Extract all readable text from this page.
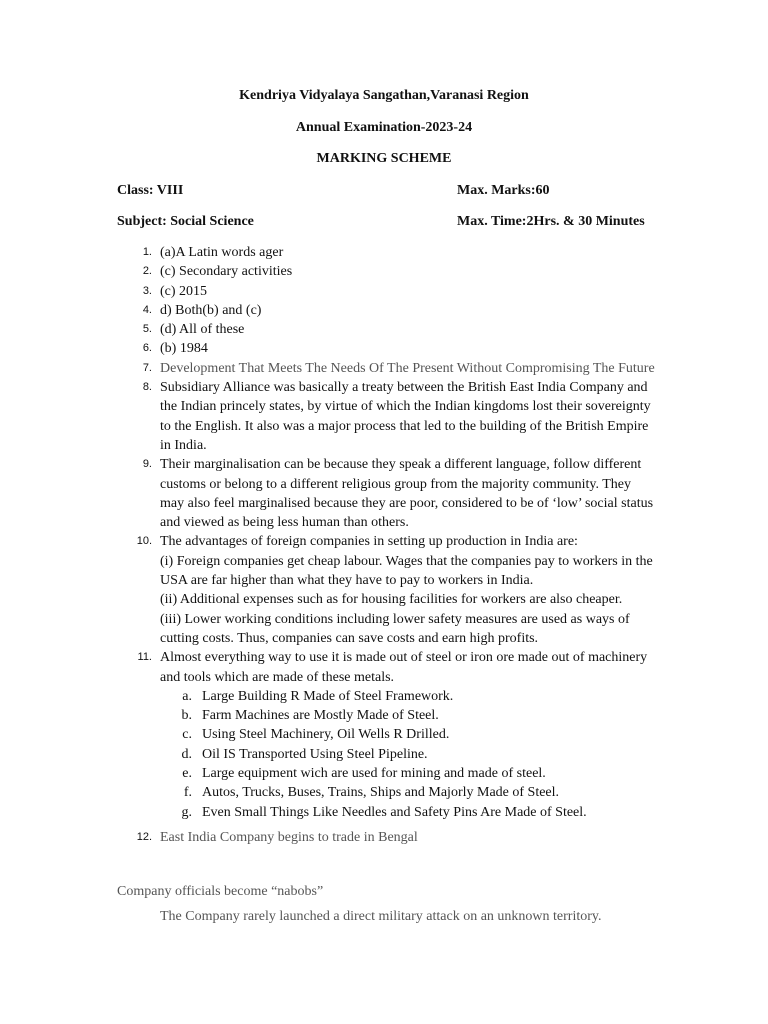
Kendriya Vidyalaya Sangathan,Varanasi Region
Annual Examination-2023-24
MARKING SCHEME
Class: VIII	Max. Marks:60
Subject: Social Science	Max. Time:2Hrs. & 30 Minutes
1. (a)A Latin words ager
2. (c) Secondary activities
3. (c) 2015
4. d) Both(b) and (c)
5. (d) All of these
6. (b) 1984
7. Development That Meets The Needs Of The Present Without Compromising The Future
8. Subsidiary Alliance was basically a treaty between the British East India Company and the Indian princely states, by virtue of which the Indian kingdoms lost their sovereignty to the English. It also was a major process that led to the building of the British Empire in India.
9. Their marginalisation can be because they speak a different language, follow different customs or belong to a different religious group from the majority community. They may also feel marginalised because they are poor, considered to be of ‘low’ social status and viewed as being less human than others.
10. The advantages of foreign companies in setting up production in India are:
(i) Foreign companies get cheap labour. Wages that the companies pay to workers in the USA are far higher than what they have to pay to workers in India.
(ii) Additional expenses such as for housing facilities for workers are also cheaper.
(iii) Lower working conditions including lower safety measures are used as ways of cutting costs. Thus, companies can save costs and earn high profits.
11. Almost everything way to use it is made out of steel or iron ore made out of machinery and tools which are made of these metals.
a. Large Building R Made of Steel Framework.
b. Farm Machines are Mostly Made of Steel.
c. Using Steel Machinery, Oil Wells R Drilled.
d. Oil IS Transported Using Steel Pipeline.
e. Large equipment wich are used for mining and made of steel.
f. Autos, Trucks, Buses, Trains, Ships and Majorly Made of Steel.
g. Even Small Things Like Needles and Safety Pins Are Made of Steel.
12. East India Company begins to trade in Bengal
Company officials become “nabobs”
The Company rarely launched a direct military attack on an unknown territory.
